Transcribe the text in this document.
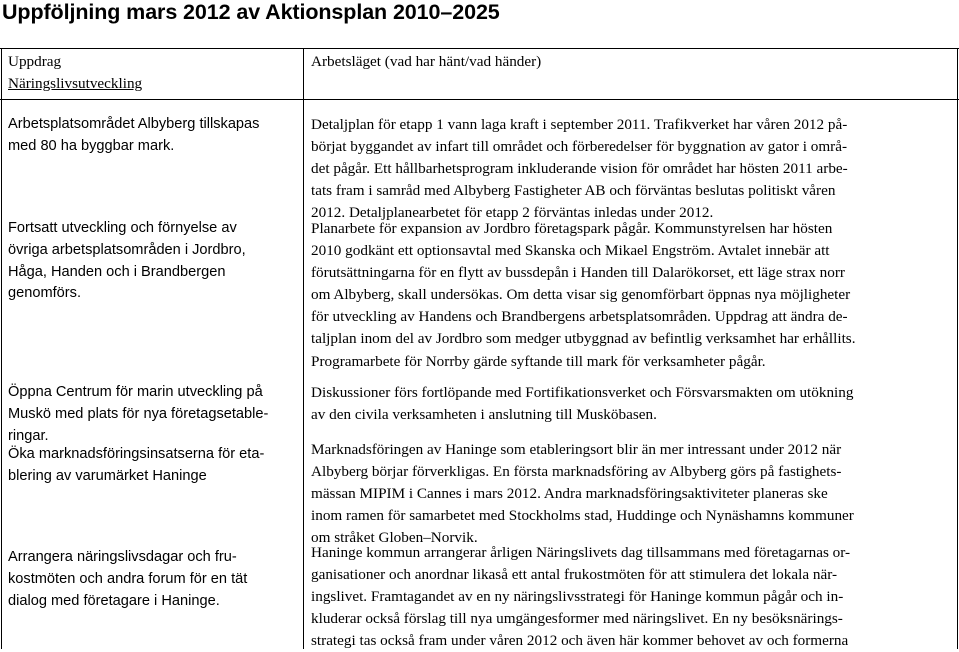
Uppföljning mars 2012 av Aktionsplan 2010–2025
Uppdrag
Näringslivsutveckling
Arbetsläget (vad har hänt/vad händer)
Arbetsplatsområdet Albyberg tillskapas
med 80 ha byggbar mark.
Fortsatt utveckling och förnyelse av
övriga arbetsplatsområden i Jordbro,
Håga, Handen och i Brandbergen
genomförs.
Öppna Centrum för marin utveckling på
Muskö med plats för nya företagsetable-
ringar.
Öka marknadsföringsinsatserna för eta-
blering av varumärket Haninge
Arrangera näringslivsdagar och fru-
kostmöten och andra forum för en tät
dialog med företagare i Haninge.
Detaljplan för etapp 1 vann laga kraft i september 2011. Trafikverket har våren 2012 på-
börjat byggandet av infart till området och förberedelser för byggnation av gator i områ-
det pågår. Ett hållbarhetsprogram inkluderande vision för området har hösten 2011 arbe-
tats fram i samråd med Albyberg Fastigheter AB och förväntas beslutas politiskt våren
2012. Detaljplanearbetet för etapp 2 förväntas inledas under 2012.
Planarbete för expansion av Jordbro företagspark pågår. Kommunstyrelsen har hösten
2010 godkänt ett optionsavtal med Skanska och Mikael Engström. Avtalet innebär att
förutsättningarna för en flytt av bussdepån i Handen till Dalarökorset, ett läge strax norr
om Albyberg, skall undersökas. Om detta visar sig genomförbart öppnas nya möjligheter
för utveckling av Handens och Brandbergens arbetsplatsområden. Uppdrag att ändra de-
taljplan inom del av Jordbro som medger utbyggnad av befintlig verksamhet har erhållits.
Programarbete för Norrby gärde syftande till mark för verksamheter pågår.
Diskussioner förs fortlöpande med Fortifikationsverket och Försvarsmakten om utökning
av den civila verksamheten i anslutning till Musköbasen.
Marknadsföringen av Haninge som etableringsort blir än mer intressant under 2012 när
Albyberg börjar förverkligas. En första marknadsföring av Albyberg görs på fastighets-
mässan MIPIM i Cannes i mars 2012. Andra marknadsföringsaktiviteter planeras ske
inom ramen för samarbetet med Stockholms stad, Huddinge och Nynäshamns kommuner
om stråket Globen–Norvik.
Haninge kommun arrangerar årligen Näringslivets dag tillsammans med företagarnas or-
ganisationer och anordnar likaså ett antal frukostmöten för att stimulera det lokala när-
ingslivet. Framtagandet av en ny näringslivsstrategi för Haninge kommun pågår och in-
kluderar också förslag till nya umgängesformer med näringslivet. En ny besöksnärings-
strategi tas också fram under våren 2012 och även här kommer behovet av och formerna
